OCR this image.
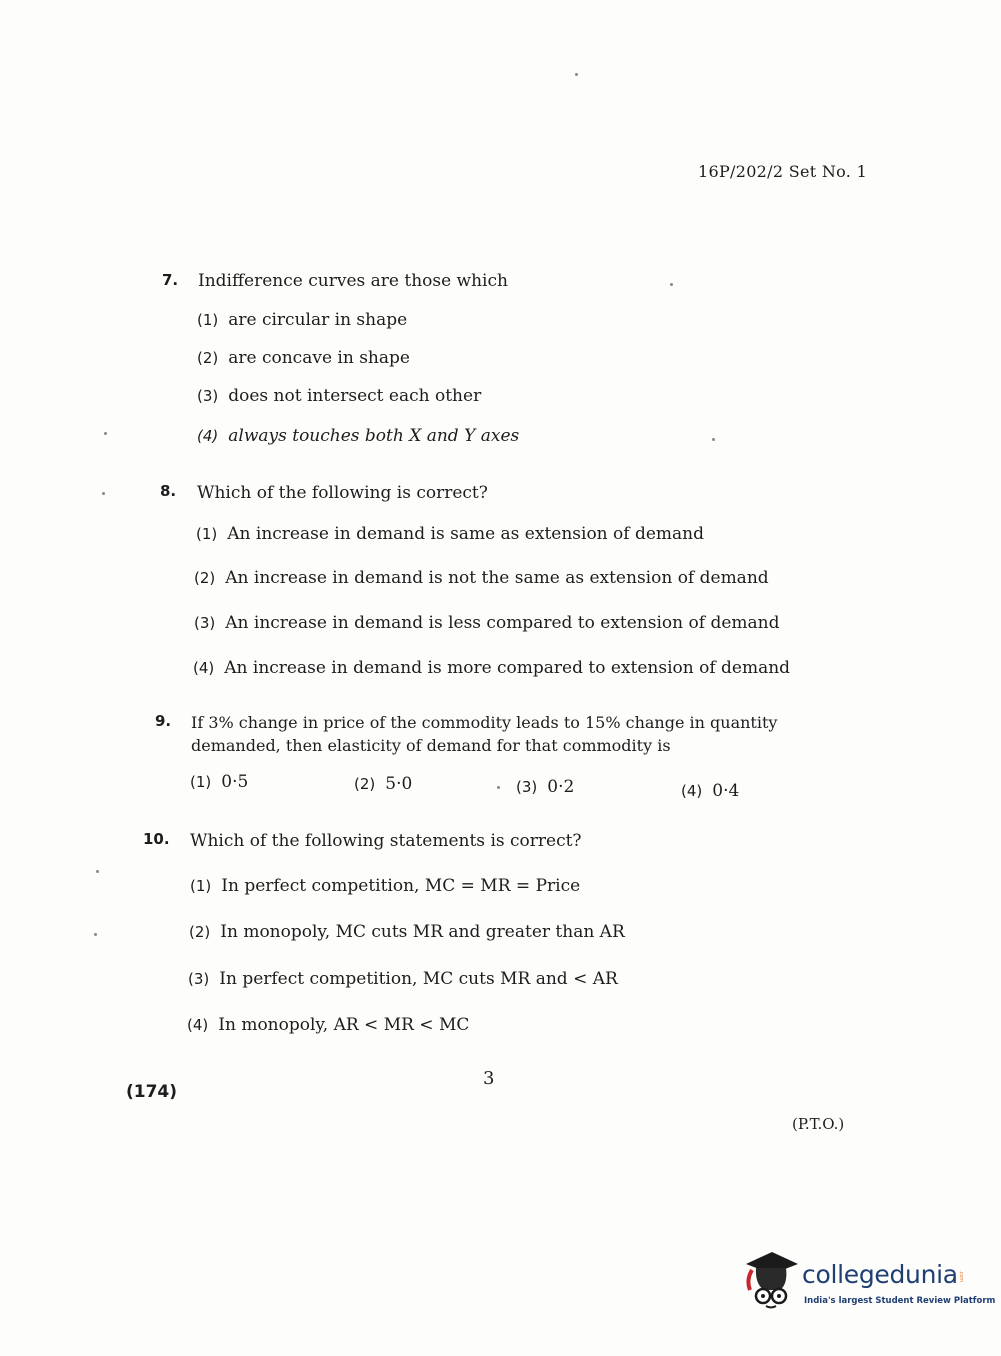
16P/202/2 Set No. 1
7. Indifference curves are those which
(1) are circular in shape
(2) are concave in shape
(3) does not intersect each other
(4) always touches both X and Y axes
8. Which of the following is correct?
(1) An increase in demand is same as extension of demand
(2) An increase in demand is not the same as extension of demand
(3) An increase in demand is less compared to extension of demand
(4) An increase in demand is more compared to extension of demand
9. If 3% change in price of the commodity leads to 15% change in quantity
demanded, then elasticity of demand for that commodity is
(1) 0·5	(2) 5·0	(3) 0·2	(4) 0·4
10. Which of the following statements is correct?
(1) In perfect competition, MC = MR = Price
(2) In monopoly, MC cuts MR and greater than AR
(3) In perfect competition, MC cuts MR and < AR
(4) In monopoly, AR < MR < MC
(174)
3
(P.T.O.)
collegedunia .com
India's largest Student Review Platform
